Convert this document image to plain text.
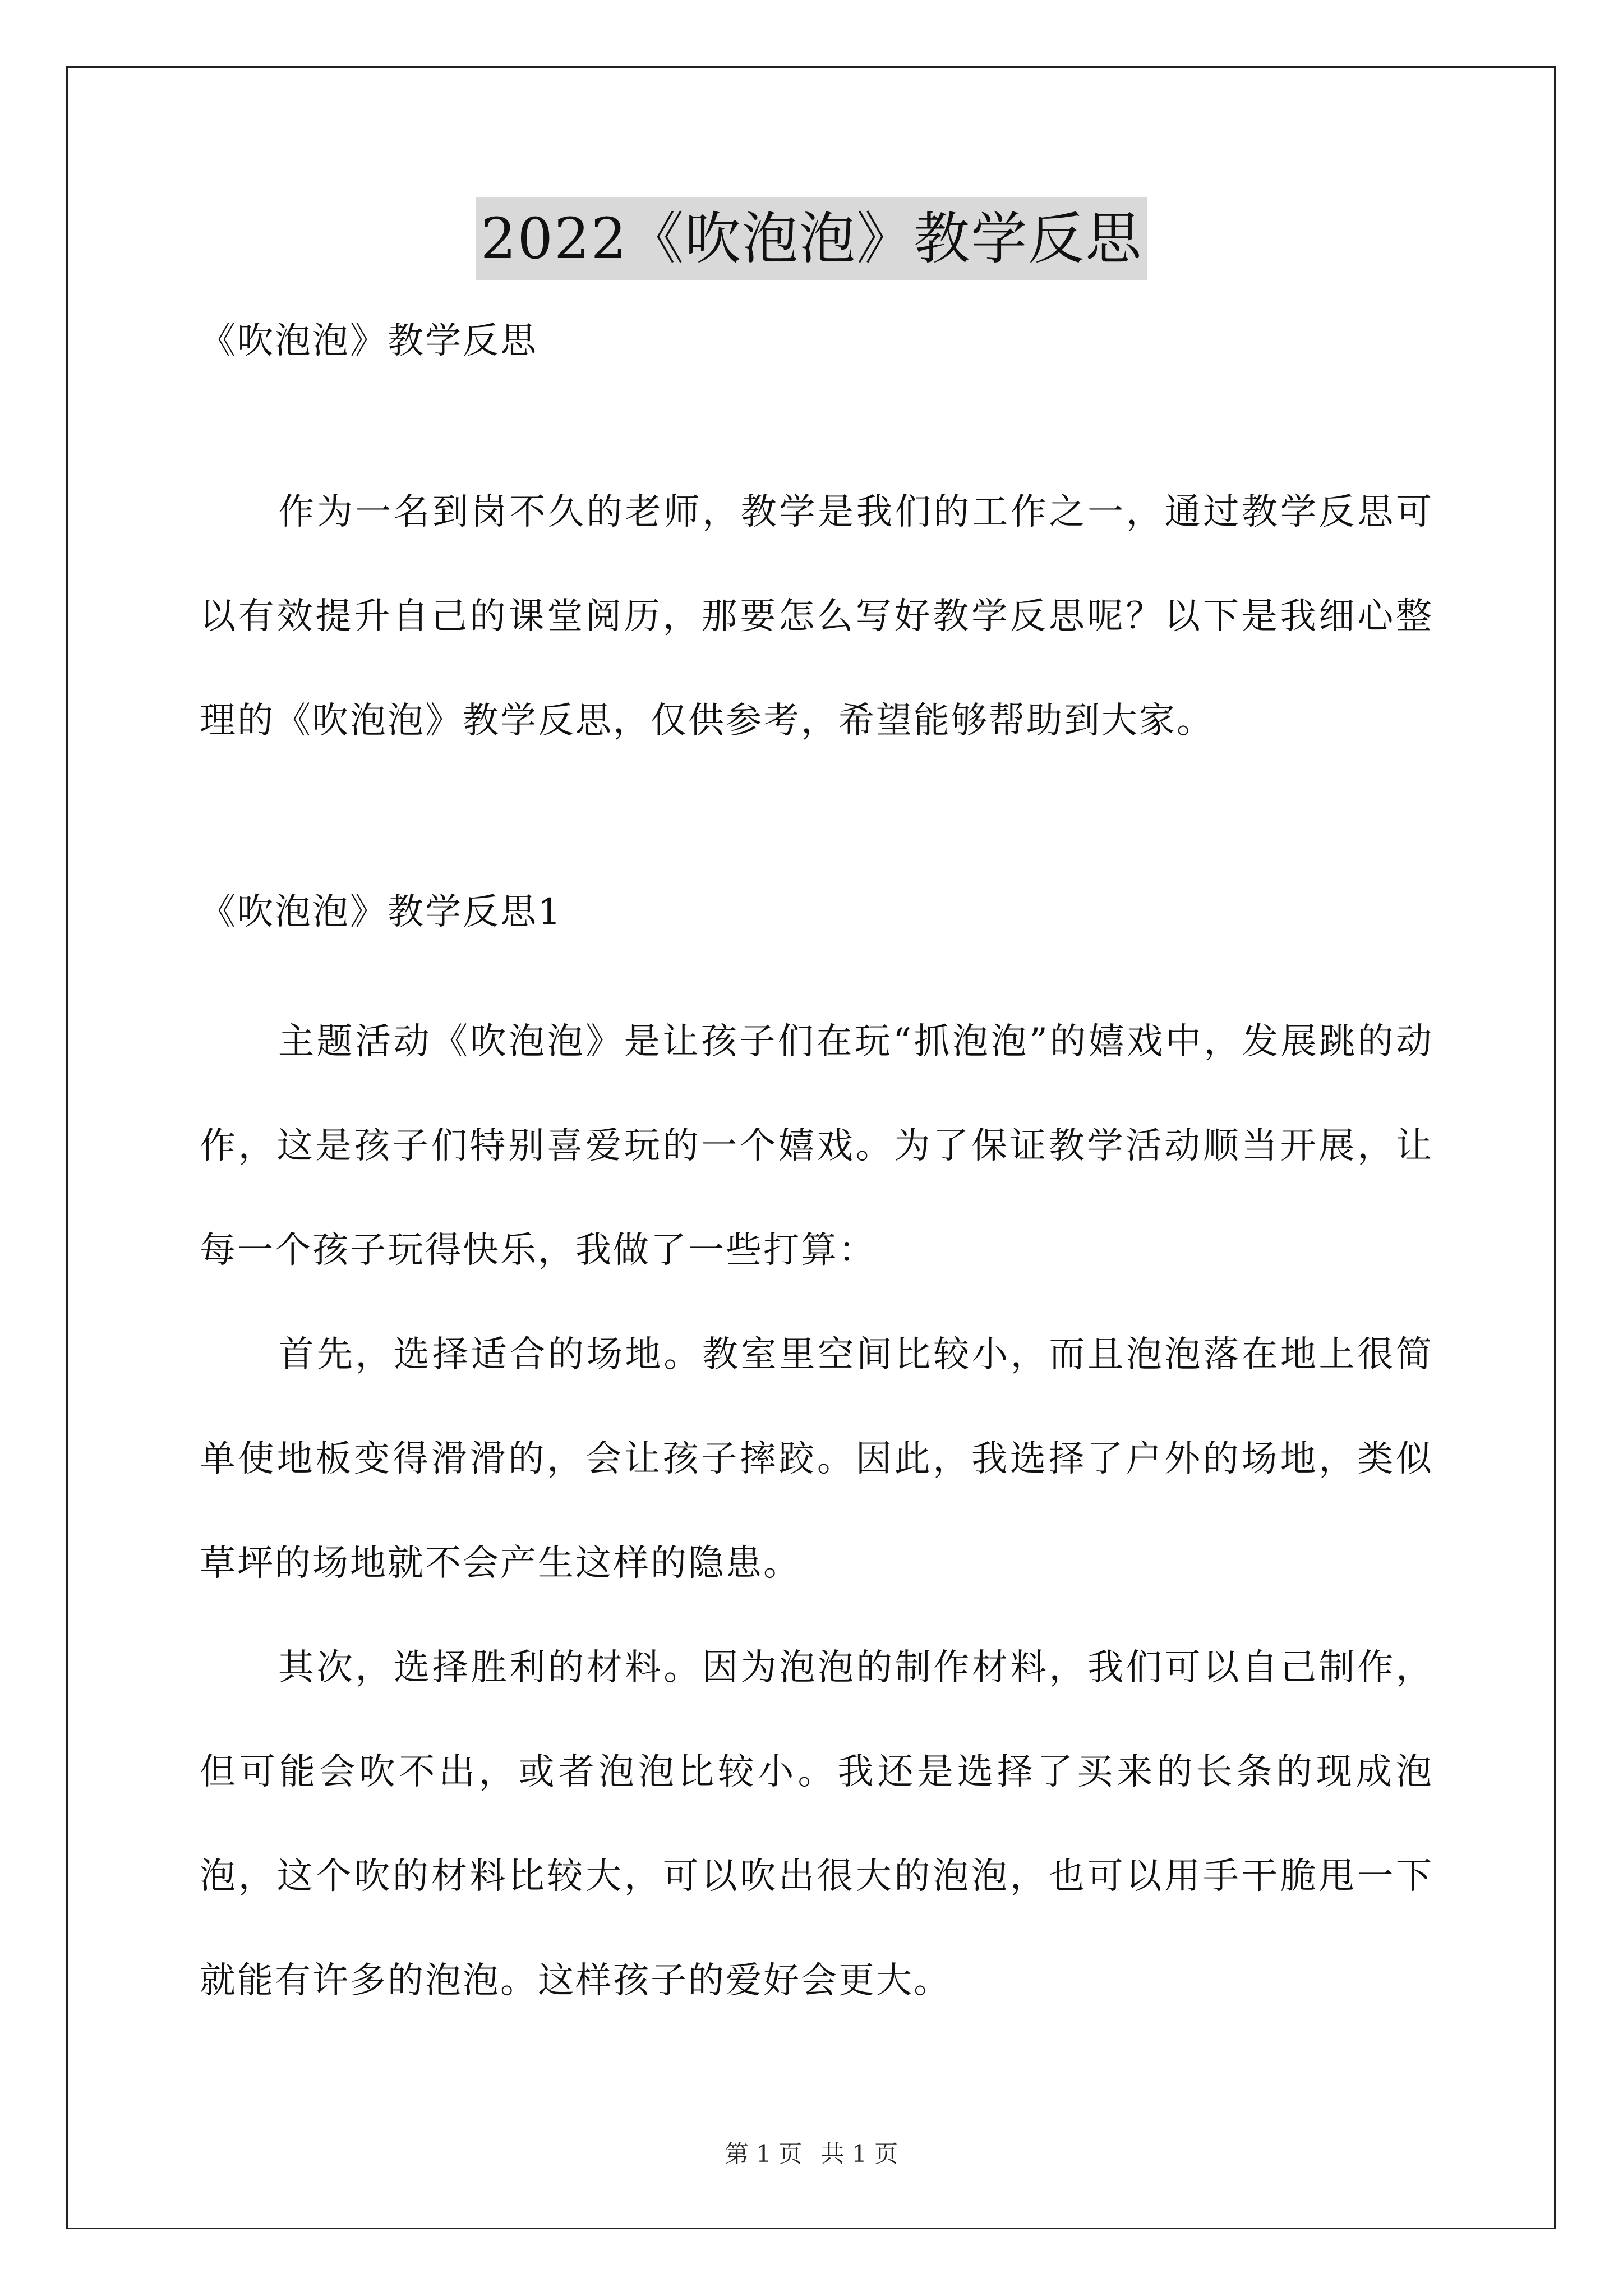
2022《吹泡泡》教学反思

《吹泡泡》教学反思

作为一名到岗不久的老师，教学是我们的工作之一，通过教学反思可以有效提升自己的课堂阅历，那要怎么写好教学反思呢？以下是我细心整理的《吹泡泡》教学反思，仅供参考，希望能够帮助到大家。

《吹泡泡》教学反思1

主题活动《吹泡泡》是让孩子们在玩“抓泡泡”的嬉戏中，发展跳的动作，这是孩子们特别喜爱玩的一个嬉戏。为了保证教学活动顺当开展，让每一个孩子玩得快乐，我做了一些打算：

首先，选择适合的场地。教室里空间比较小，而且泡泡落在地上很简单使地板变得滑滑的，会让孩子摔跤。因此，我选择了户外的场地，类似草坪的场地就不会产生这样的隐患。

其次，选择胜利的材料。因为泡泡的制作材料，我们可以自己制作，但可能会吹不出，或者泡泡比较小。我还是选择了买来的长条的现成泡泡，这个吹的材料比较大，可以吹出很大的泡泡，也可以用手干脆甩一下就能有许多的泡泡。这样孩子的爱好会更大。

第 1 页 共 1 页
